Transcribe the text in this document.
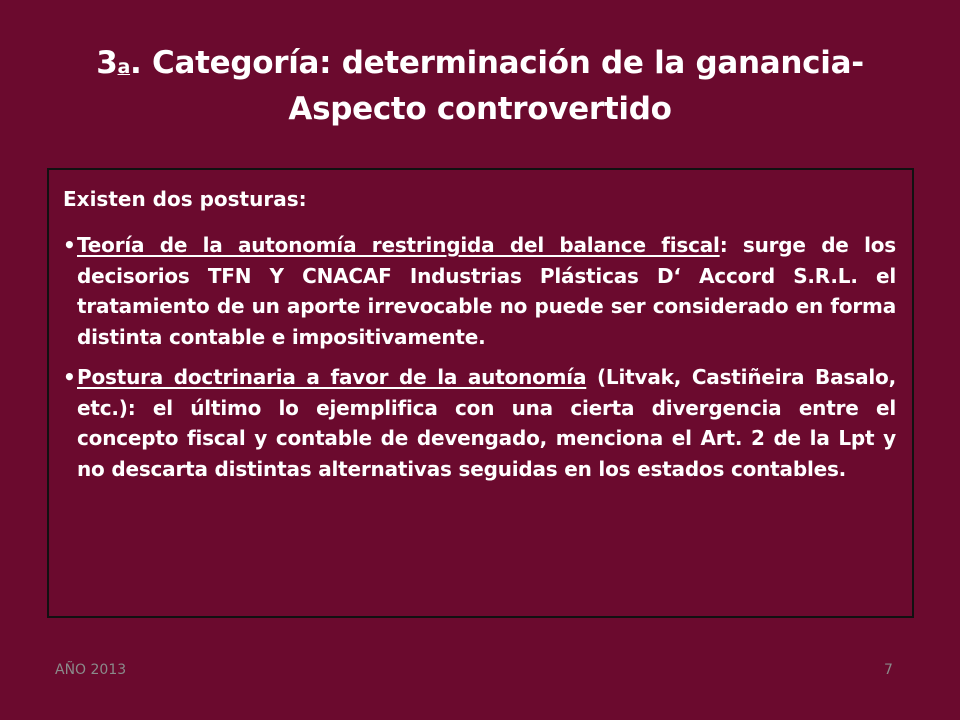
3$^a$. Categoría: determinación de la ganancia-
Aspecto controvertido
Existen dos posturas:
• Teoría de la autonomía restringida del balance fiscal: surge de los decisorios TFN Y CNACAF Industrias Plásticas D‘ Accord S.R.L. el tratamiento de un aporte irrevocable no puede ser considerado en forma distinta contable e impositivamente.
• Postura doctrinaria a favor de la autonomía (Litvak, Castiñeira Basalo, etc.): el último lo ejemplifica con una cierta divergencia entre el concepto fiscal y contable de devengado, menciona el Art. 2 de la Lpt y no descarta distintas alternativas seguidas en los estados contables.
AÑO 2013	7
